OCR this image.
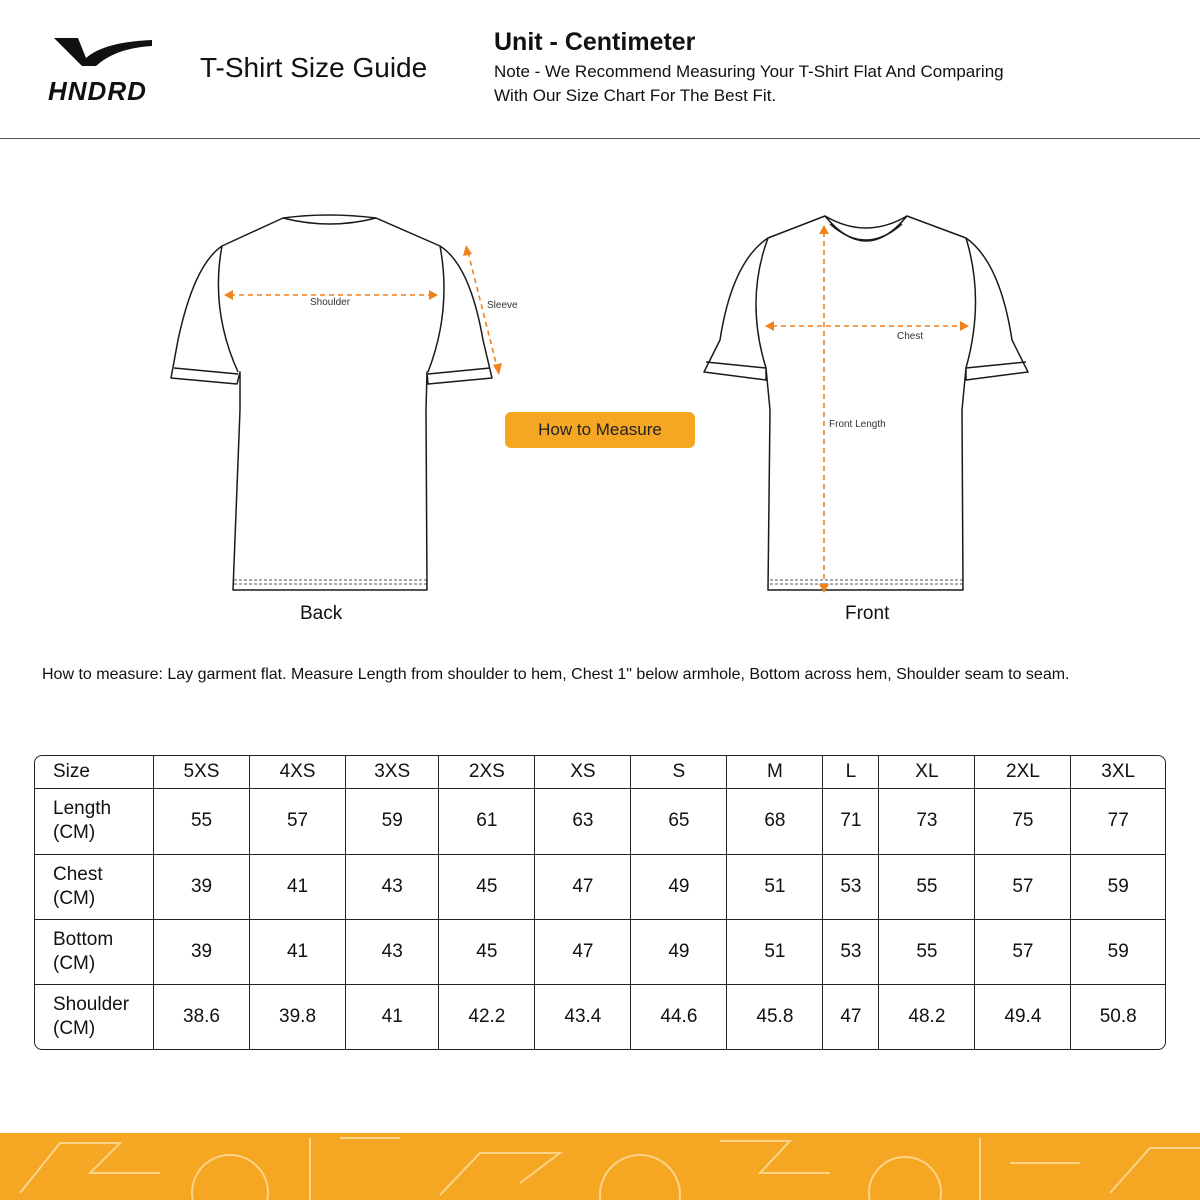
HNDRD
T-Shirt Size Guide
Unit - Centimeter
Note - We Recommend Measuring Your T-Shirt Flat And Comparing With Our Size Chart For The Best Fit.
Shoulder	Sleeve
Chest
Front Length
How to Measure
Back	Front
How to measure: Lay garment flat. Measure Length from shoulder to hem, Chest 1" below armhole, Bottom across hem, Shoulder seam to seam.
Size	5XS	4XS	3XS	2XS	XS	S	M	L	XL	2XL	3XL
Length
(CM)	55	57	59	61	63	65	68	71	73	75	77
Chest
(CM)	39	41	43	45	47	49	51	53	55	57	59
Bottom
(CM)	39	41	43	45	47	49	51	53	55	57	59
Shoulder
(CM)	38.6	39.8	41	42.2	43.4	44.6	45.8	47	48.2	49.4	50.8
